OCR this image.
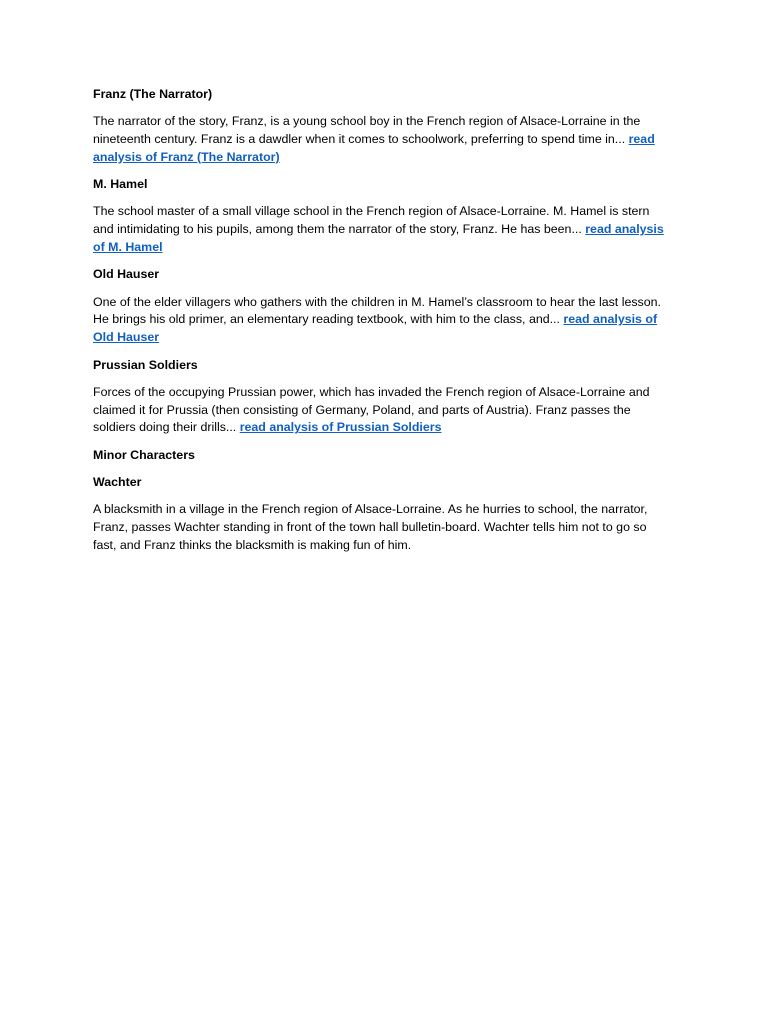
Franz (The Narrator)
The narrator of the story, Franz, is a young school boy in the French region of Alsace-Lorraine in the nineteenth century. Franz is a dawdler when it comes to schoolwork, preferring to spend time in... read analysis of Franz (The Narrator)
M. Hamel
The school master of a small village school in the French region of Alsace-Lorraine. M. Hamel is stern and intimidating to his pupils, among them the narrator of the story, Franz. He has been... read analysis of M. Hamel
Old Hauser
One of the elder villagers who gathers with the children in M. Hamel’s classroom to hear the last lesson. He brings his old primer, an elementary reading textbook, with him to the class, and... read analysis of Old Hauser
Prussian Soldiers
Forces of the occupying Prussian power, which has invaded the French region of Alsace-Lorraine and claimed it for Prussia (then consisting of Germany, Poland, and parts of Austria). Franz passes the soldiers doing their drills... read analysis of Prussian Soldiers
Minor Characters
Wachter
A blacksmith in a village in the French region of Alsace-Lorraine. As he hurries to school, the narrator, Franz, passes Wachter standing in front of the town hall bulletin-board. Wachter tells him not to go so fast, and Franz thinks the blacksmith is making fun of him.
